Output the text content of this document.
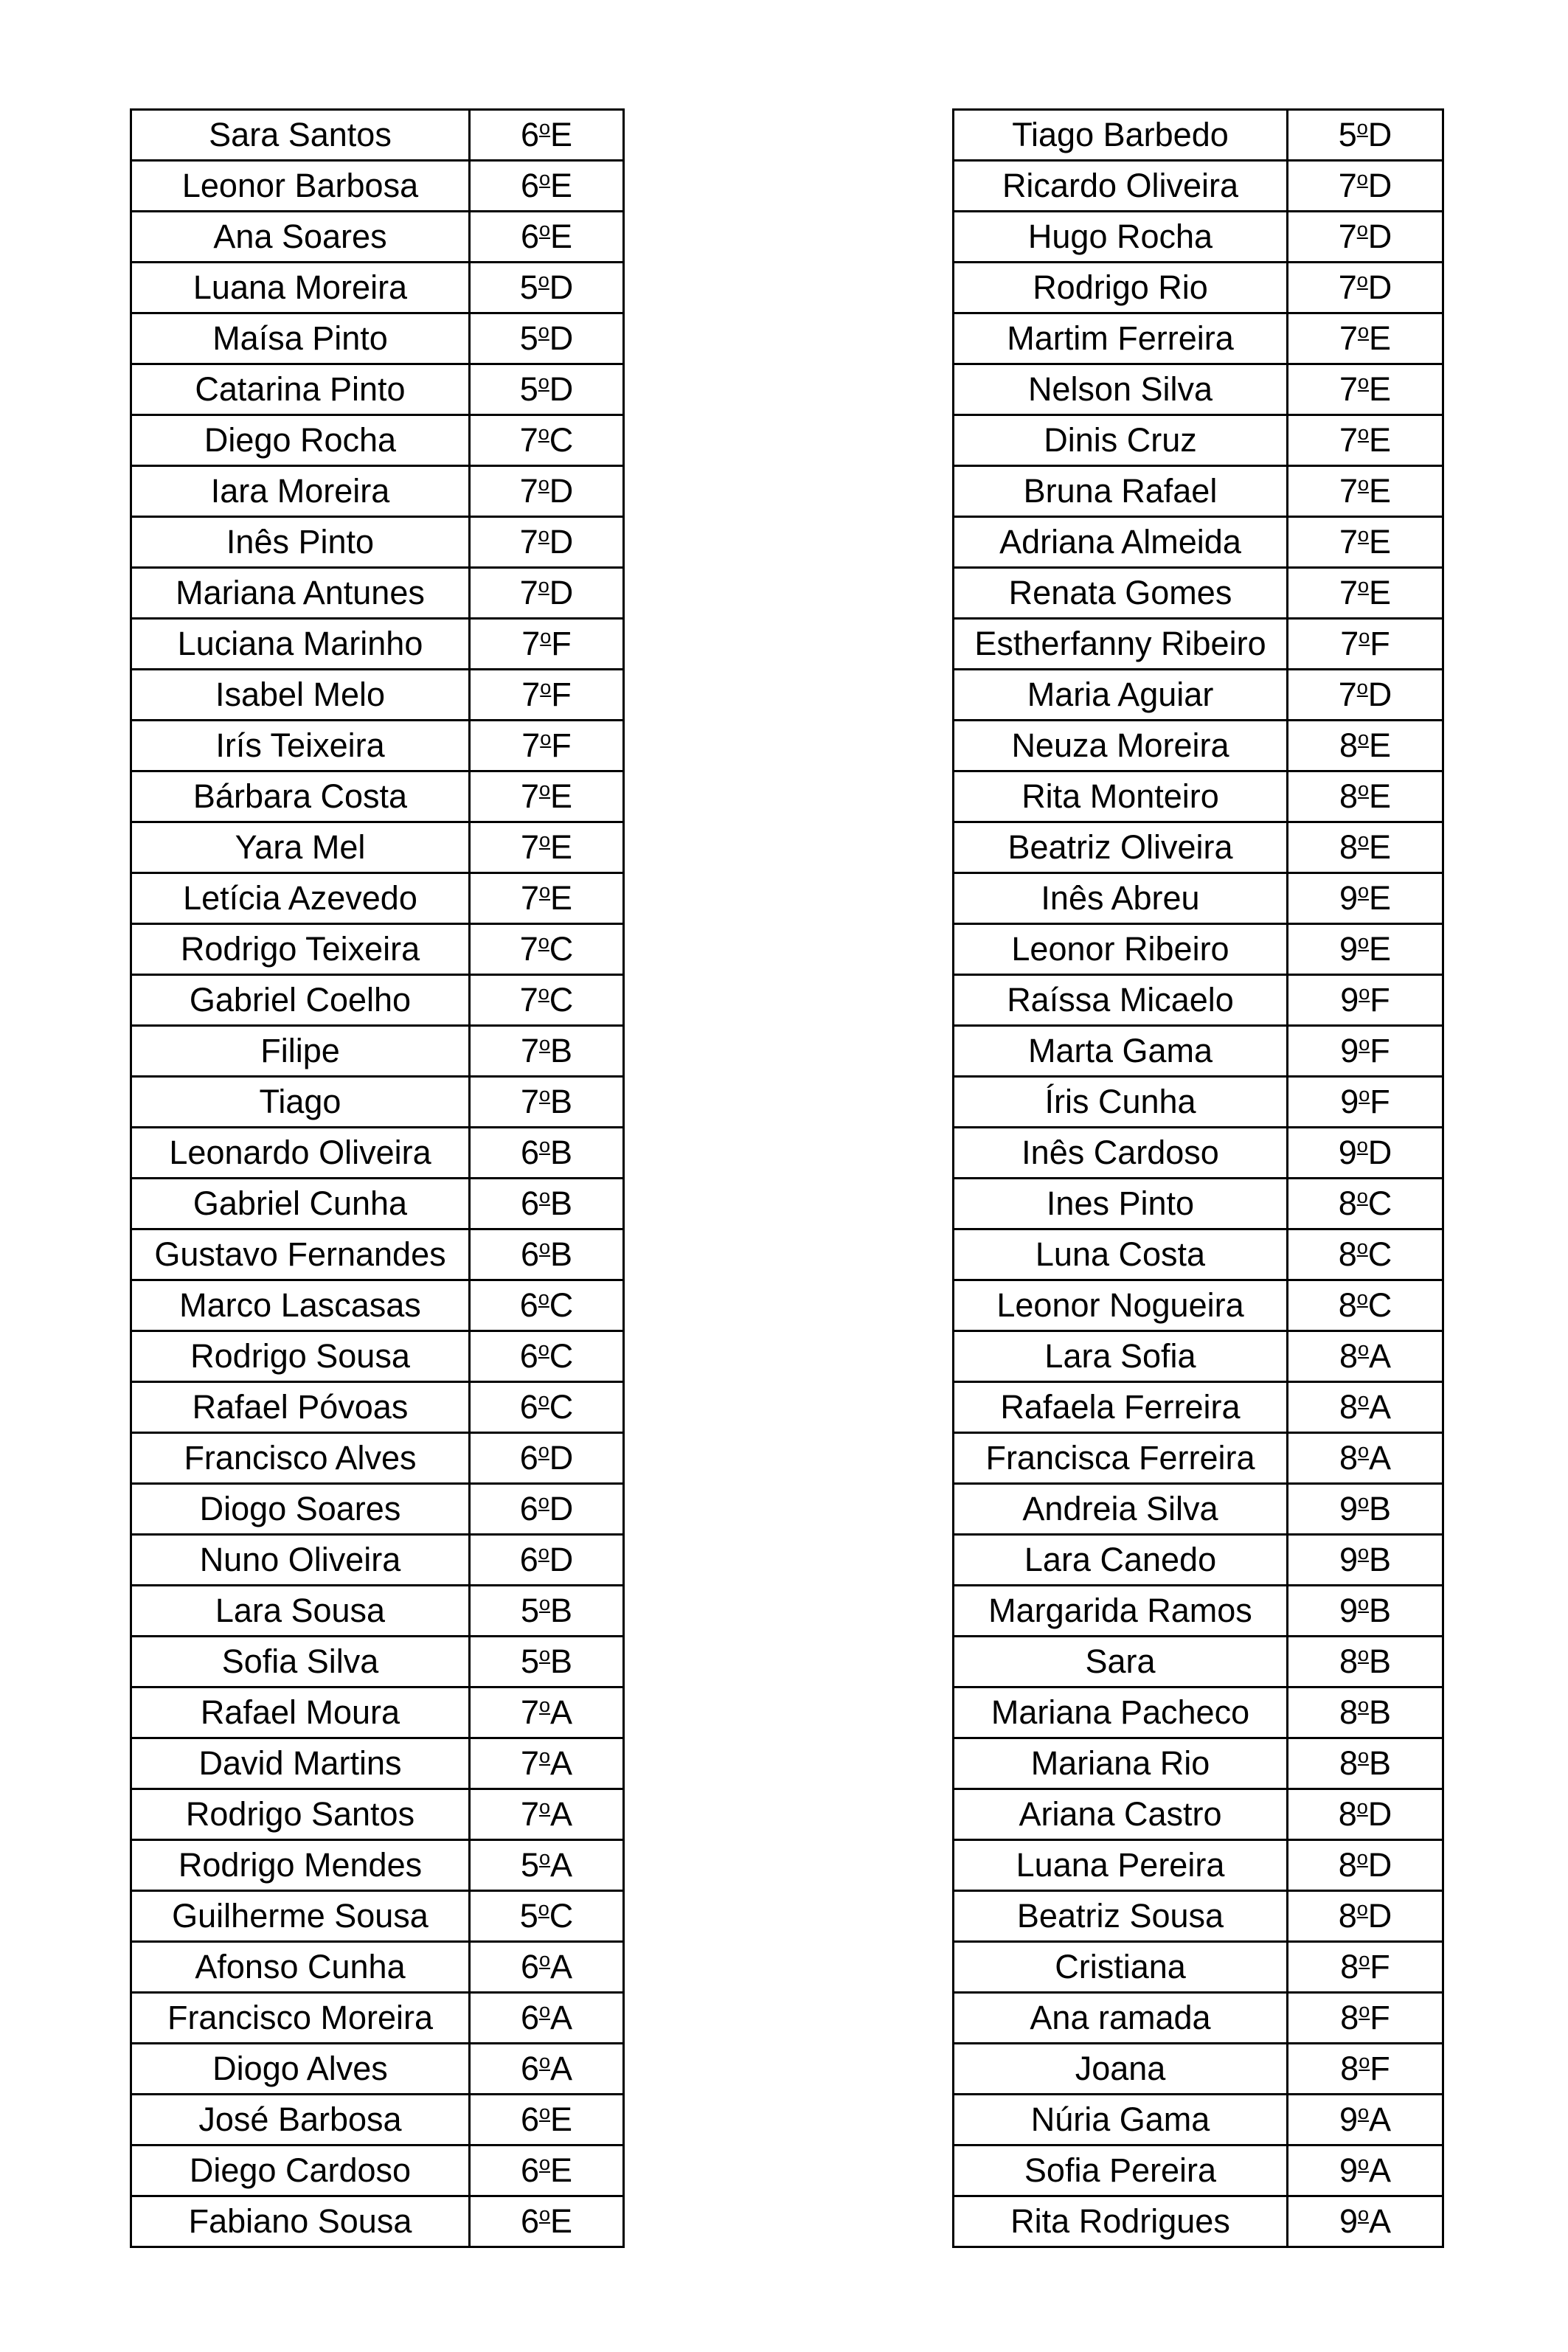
Sara Santos	6$^o$E
Leonor Barbosa	6$^o$E
Ana Soares	6$^o$E
Luana Moreira	5$^o$D
Maísa Pinto	5$^o$D
Catarina Pinto	5$^o$D
Diego Rocha	7$^o$C
Iara Moreira	7$^o$D
Inês Pinto	7$^o$D
Mariana Antunes	7$^o$D
Luciana Marinho	7$^o$F
Isabel Melo	7$^o$F
Irís Teixeira	7$^o$F
Bárbara Costa	7$^o$E
Yara Mel	7$^o$E
Letícia Azevedo	7$^o$E
Rodrigo Teixeira	7$^o$C
Gabriel Coelho	7$^o$C
Filipe	7$^o$B
Tiago	7$^o$B
Leonardo Oliveira	6$^o$B
Gabriel Cunha	6$^o$B
Gustavo Fernandes	6$^o$B
Marco Lascasas	6$^o$C
Rodrigo Sousa	6$^o$C
Rafael Póvoas	6$^o$C
Francisco Alves	6$^o$D
Diogo Soares	6$^o$D
Nuno Oliveira	6$^o$D
Lara Sousa	5$^o$B
Sofia Silva	5$^o$B
Rafael Moura	7$^o$A
David Martins	7$^o$A
Rodrigo Santos	7$^o$A
Rodrigo Mendes	5$^o$A
Guilherme Sousa	5$^o$C
Afonso Cunha	6$^o$A
Francisco Moreira	6$^o$A
Diogo Alves	6$^o$A
José Barbosa	6$^o$E
Diego Cardoso	6$^o$E
Fabiano Sousa	6$^o$E
Tiago Barbedo	5$^o$D
Ricardo Oliveira	7$^o$D
Hugo Rocha	7$^o$D
Rodrigo Rio	7$^o$D
Martim Ferreira	7$^o$E
Nelson Silva	7$^o$E
Dinis Cruz	7$^o$E
Bruna Rafael	7$^o$E
Adriana Almeida	7$^o$E
Renata Gomes	7$^o$E
Estherfanny Ribeiro	7$^o$F
Maria Aguiar	7$^o$D
Neuza Moreira	8$^o$E
Rita Monteiro	8$^o$E
Beatriz Oliveira	8$^o$E
Inês Abreu	9$^o$E
Leonor Ribeiro	9$^o$E
Raíssa Micaelo	9$^o$F
Marta Gama	9$^o$F
Íris Cunha	9$^o$F
Inês Cardoso	9$^o$D
Ines Pinto	8$^o$C
Luna Costa	8$^o$C
Leonor Nogueira	8$^o$C
Lara Sofia	8$^o$A
Rafaela Ferreira	8$^o$A
Francisca Ferreira	8$^o$A
Andreia Silva	9$^o$B
Lara Canedo	9$^o$B
Margarida Ramos	9$^o$B
Sara	8$^o$B
Mariana Pacheco	8$^o$B
Mariana Rio	8$^o$B
Ariana Castro	8$^o$D
Luana Pereira	8$^o$D
Beatriz Sousa	8$^o$D
Cristiana	8$^o$F
Ana ramada	8$^o$F
Joana	8$^o$F
Núria Gama	9$^o$A
Sofia Pereira	9$^o$A
Rita Rodrigues	9$^o$A
